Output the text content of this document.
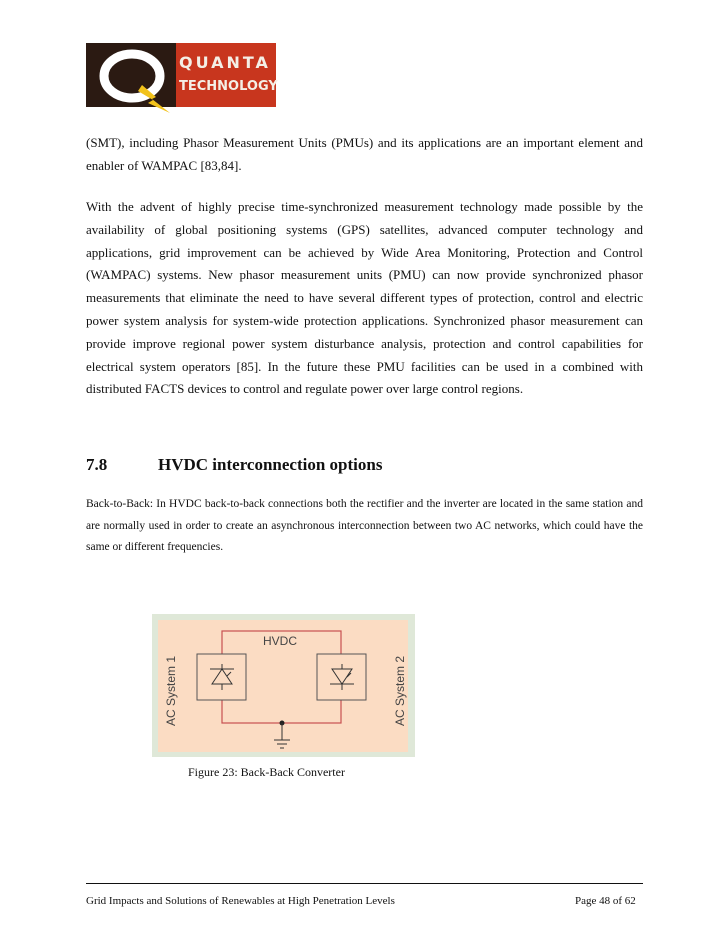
QUANTA
TECHNOLOGY

(SMT), including Phasor Measurement Units (PMUs) and its applications are an important element and enabler of WAMPAC [83,84].

With the advent of highly precise time-synchronized measurement technology made possible by the availability of global positioning systems (GPS) satellites, advanced computer technology and applications, grid improvement can be achieved by Wide Area Monitoring, Protection and Control (WAMPAC) systems. New phasor measurement units (PMU) can now provide synchronized phasor measurements that eliminate the need to have several different types of protection, control and electric power system analysis for system-wide protection applications. Synchronized phasor measurement can provide improve regional power system disturbance analysis, protection and control capabilities for electrical system operators [85]. In the future these PMU facilities can be used in a combined with distributed FACTS devices to control and regulate power over large control regions.

7.8	HVDC interconnection options

Back-to-Back: In HVDC back-to-back connections both the rectifier and the inverter are located in the same station and are normally used in order to create an asynchronous interconnection between two AC networks, which could have the same or different frequencies.

HVDC
AC System 1	AC System 2

Figure 23: Back-Back Converter

Grid Impacts and Solutions of Renewables at High Penetration Levels	Page 48 of 62
